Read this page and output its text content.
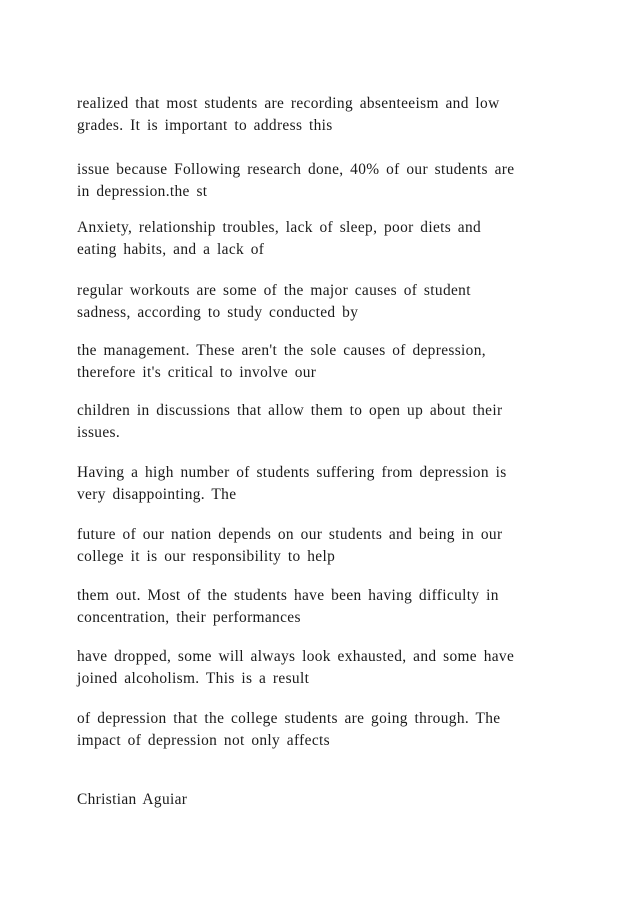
realized that most students are recording absenteeism and low
grades. It is important to address this
issue because Following research done, 40% of our students are
in depression.the st
Anxiety, relationship troubles, lack of sleep, poor diets and
eating habits, and a lack of
regular workouts are some of the major causes of student
sadness, according to study conducted by
the management. These aren't the sole causes of depression,
therefore it's critical to involve our
children in discussions that allow them to open up about their
issues.
Having a high number of students suffering from depression is
very disappointing. The
future of our nation depends on our students and being in our
college it is our responsibility to help
them out. Most of the students have been having difficulty in
concentration, their performances
have dropped, some will always look exhausted, and some have
joined alcoholism. This is a result
of depression that the college students are going through. The
impact of depression not only affects
Christian Aguiar
